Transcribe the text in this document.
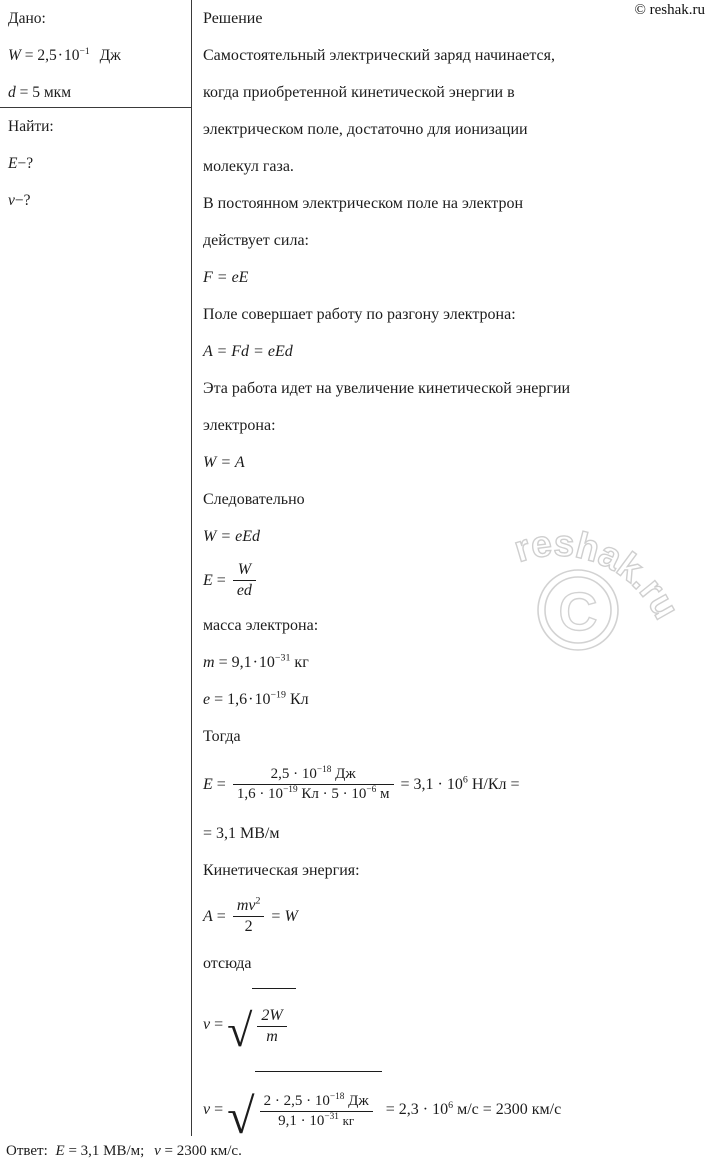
C
reshak.ru
© reshak.ru
Дано:
$W = 2,5\cdot 10^{-1}$ Дж
d = 5 мкм
Найти:
E−?
v−?
Решение
Самостоятельный электрический заряд начинается,
когда приобретенной кинетической энергии в
электрическом поле, достаточно для ионизации
молекул газа.
В постоянном электрическом поле на электрон
действует сила:
F = eE
Поле совершает работу по разгону электрона:
A = Fd = eEd
Эта работа идет на увеличение кинетической энергии
электрона:
W = A
Следовательно
W = eEd
$E = \frac{W}{ed}$
масса электрона:
$m = 9,1\cdot 10^{-31}$ кг
$e = 1,6\cdot 10^{-19}$ Кл
Тогда
$E = \frac{2,5 \cdot 10^{-18} Дж}{1,6 \cdot 10^{-19} Кл \cdot 5 \cdot 10^{-6} м} = 3,1 \cdot 10^6$ Н/Кл =
= 3,1 МВ/м
Кинетическая энергия:
$A = \frac{mv^2}{2} = W$
отсюда
v = √ $\frac{2W}{m}$
v = √ $\frac{2 \cdot 2,5 \cdot 10^{-18} Дж}{9,1 \cdot 10^{-31} кг} = 2,3 \cdot 10^6$ м/с = 2300 км/с
Ответ: E = 3,1 МВ/м; v = 2300 км/с.
